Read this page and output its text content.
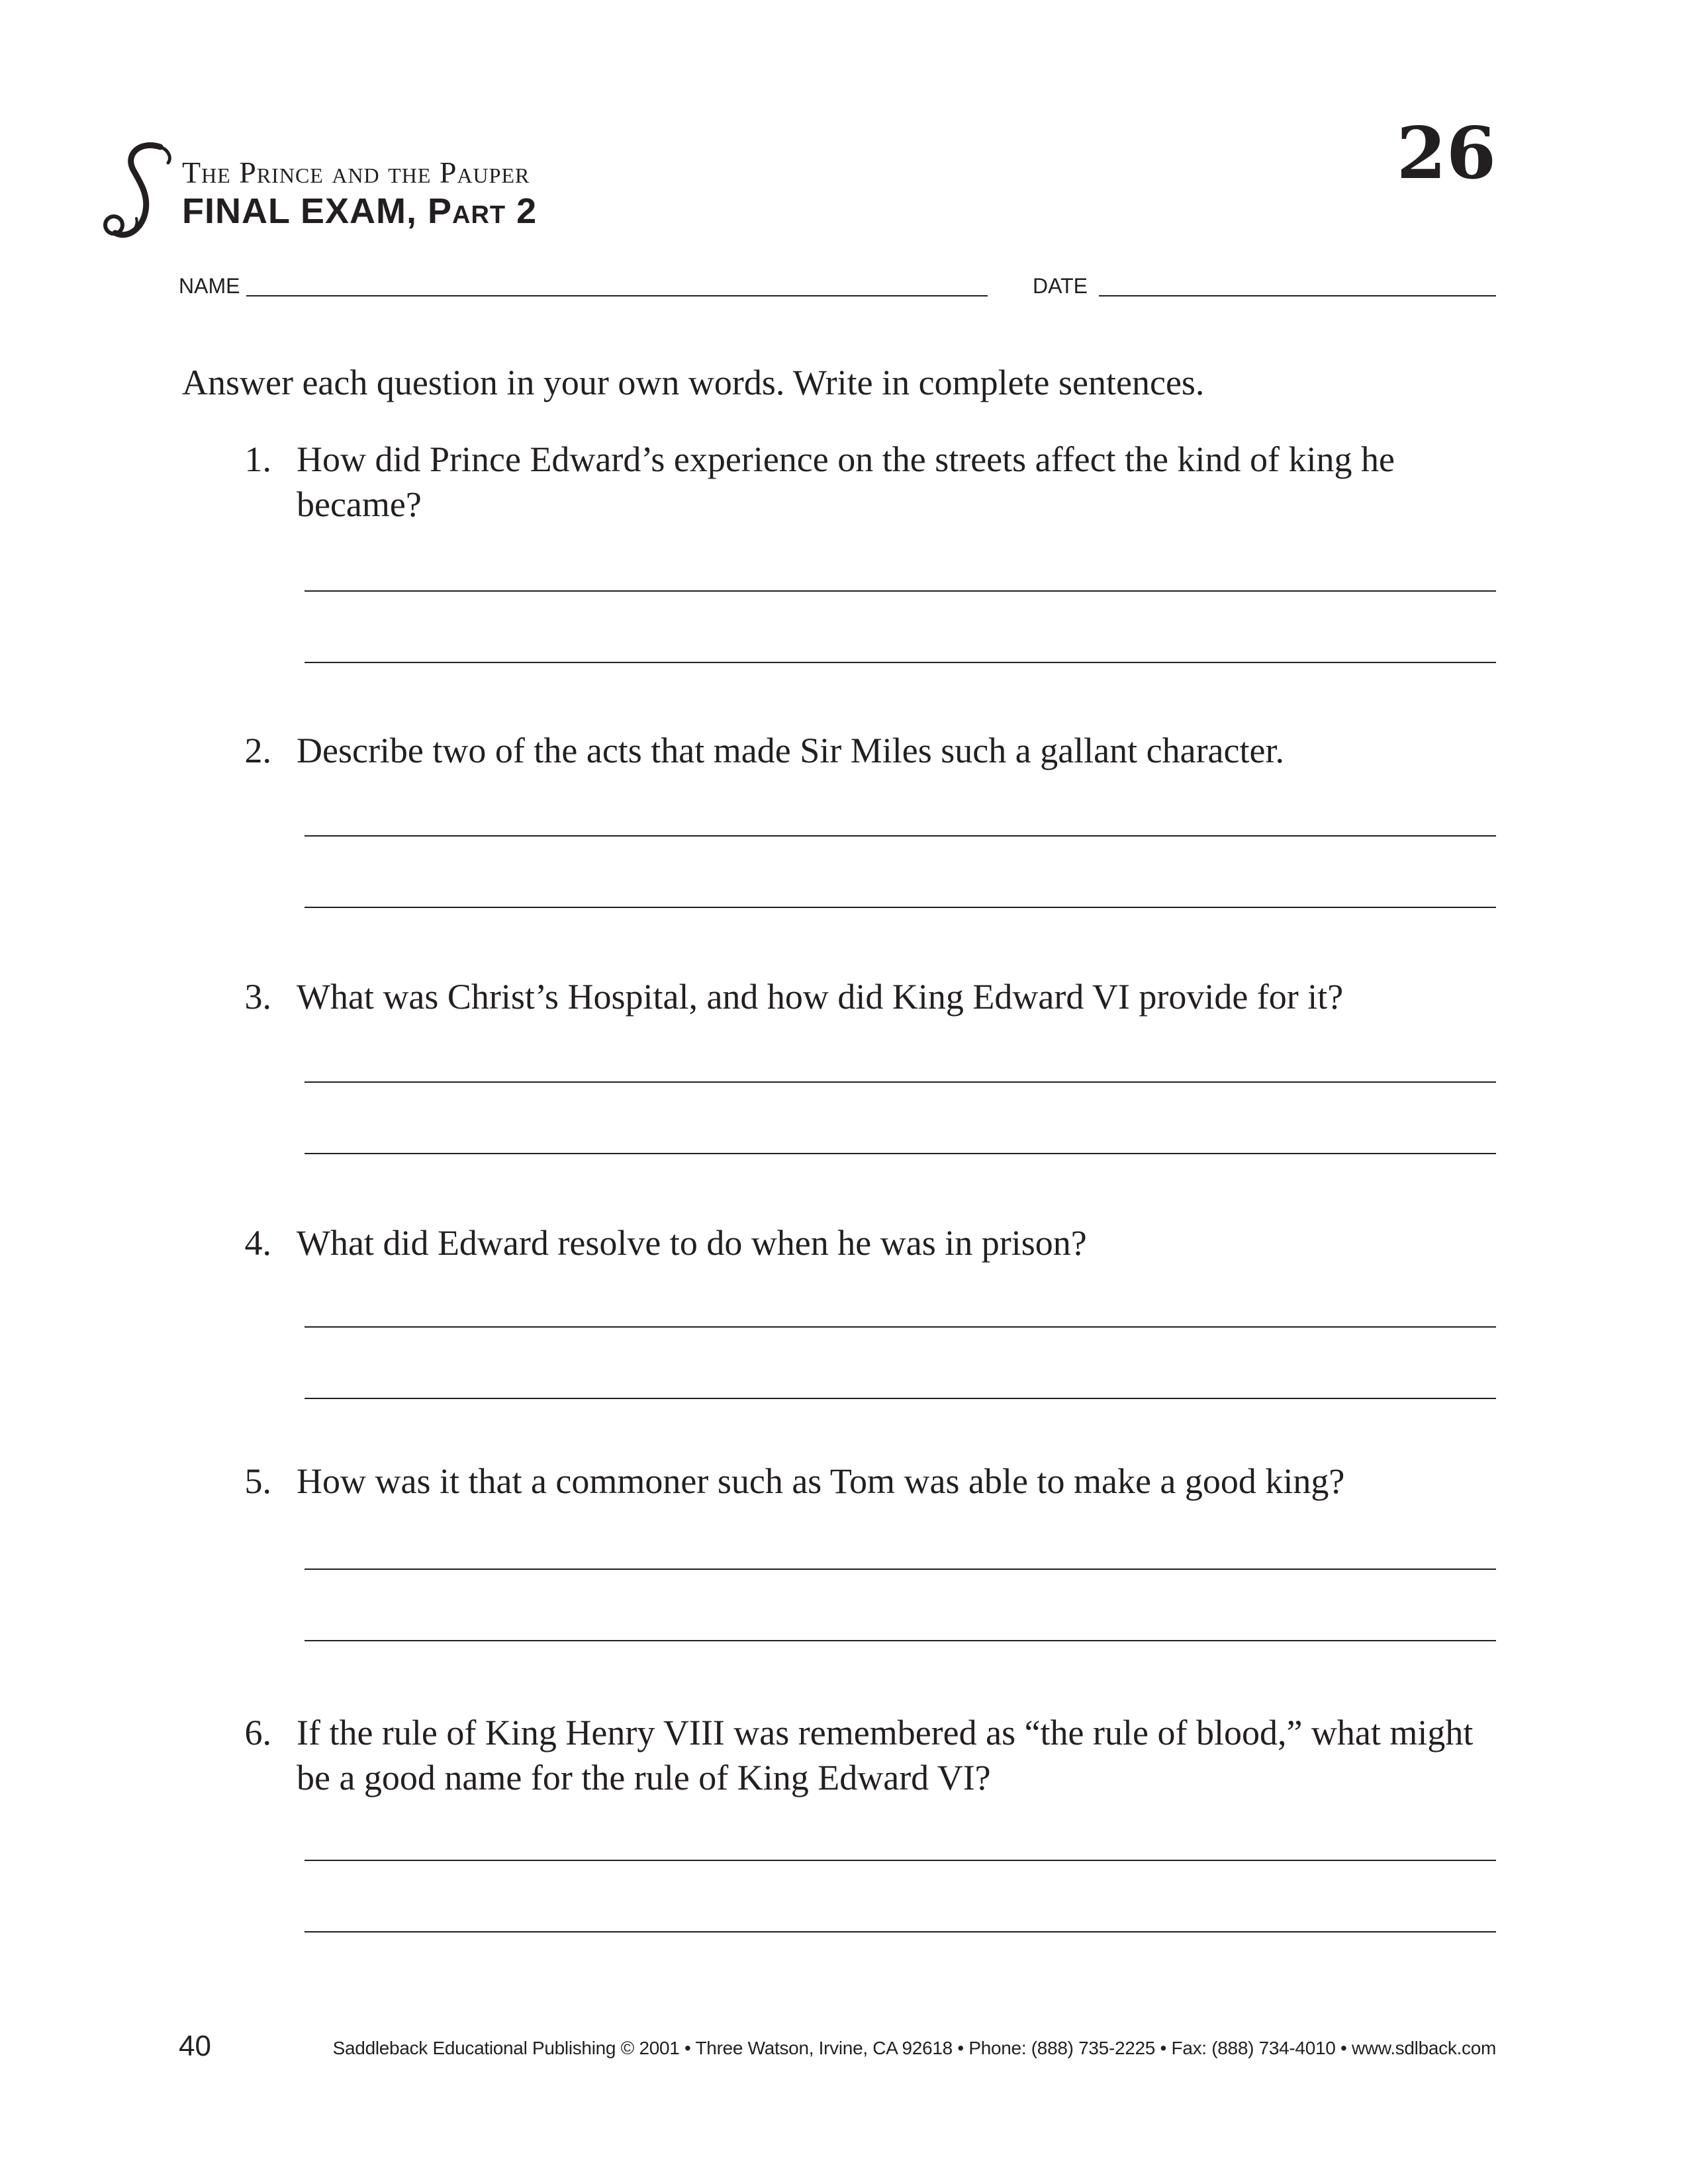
The Prince and the Pauper
FINAL EXAM, Part 2
26
NAME	DATE
Answer each question in your own words. Write in complete sentences.
1. How did Prince Edward’s experience on the streets affect the kind of king he became?
2. Describe two of the acts that made Sir Miles such a gallant character.
3. What was Christ’s Hospital, and how did King Edward VI provide for it?
4. What did Edward resolve to do when he was in prison?
5. How was it that a commoner such as Tom was able to make a good king?
6. If the rule of King Henry VIII was remembered as “the rule of blood,” what might be a good name for the rule of King Edward VI?
40	Saddleback Educational Publishing © 2001 • Three Watson, Irvine, CA 92618 • Phone: (888) 735-2225 • Fax: (888) 734-4010 • www.sdlback.com
